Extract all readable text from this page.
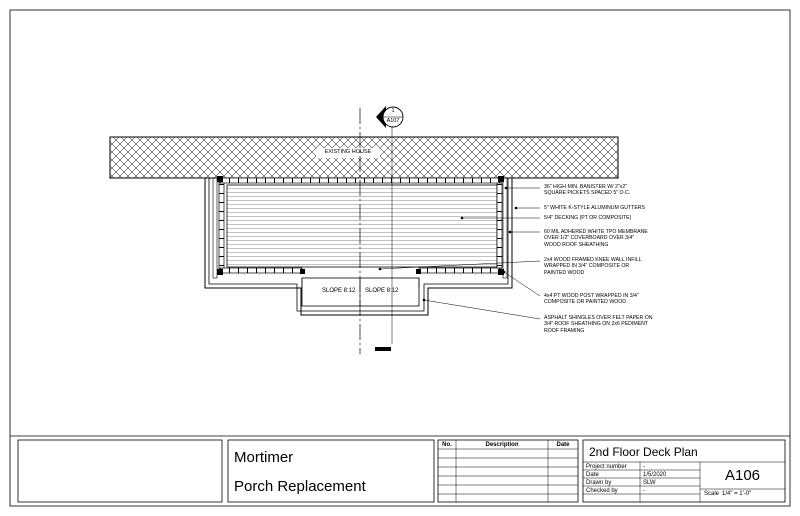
EXISTING HOUSE
1
A107
SLOPE 8:12 SLOPE 8:12
36" HIGH MIN. BANISTER W/ 2"x2"
SQUARE PICKETS SPACED 5" O.C.
5" WHITE K-STYLE ALUMINUM GUTTERS
5/4" DECKING (PT OR COMPOSITE)
60 MIL ADHERED WHITE TPO MEMBRANE
OVER 1/2" COVERBOARD OVER 3/4"
WOOD ROOF SHEATHING
2x4 WOOD FRAMED KNEE WALL INFILL
WRAPPED IN 3/4" COMPOSITE OR
PAINTED WOOD
4x4 PT WOOD POST WRAPPED IN 3/4"
COMPOSITE OR PAINTED WOOD
ASPHALT SHINGLES OVER FELT PAPER ON
3/4" ROOF SHEATHING ON 2x6 PEDIMENT
ROOF FRAMING
Mortimer
Porch Replacement
No.	Description	Date	2nd Floor Deck Plan
Project number	-
Date	1/5/2020
Drawn by	SLW
Checked by	-
A106
Scale 1/4" = 1'-0"
